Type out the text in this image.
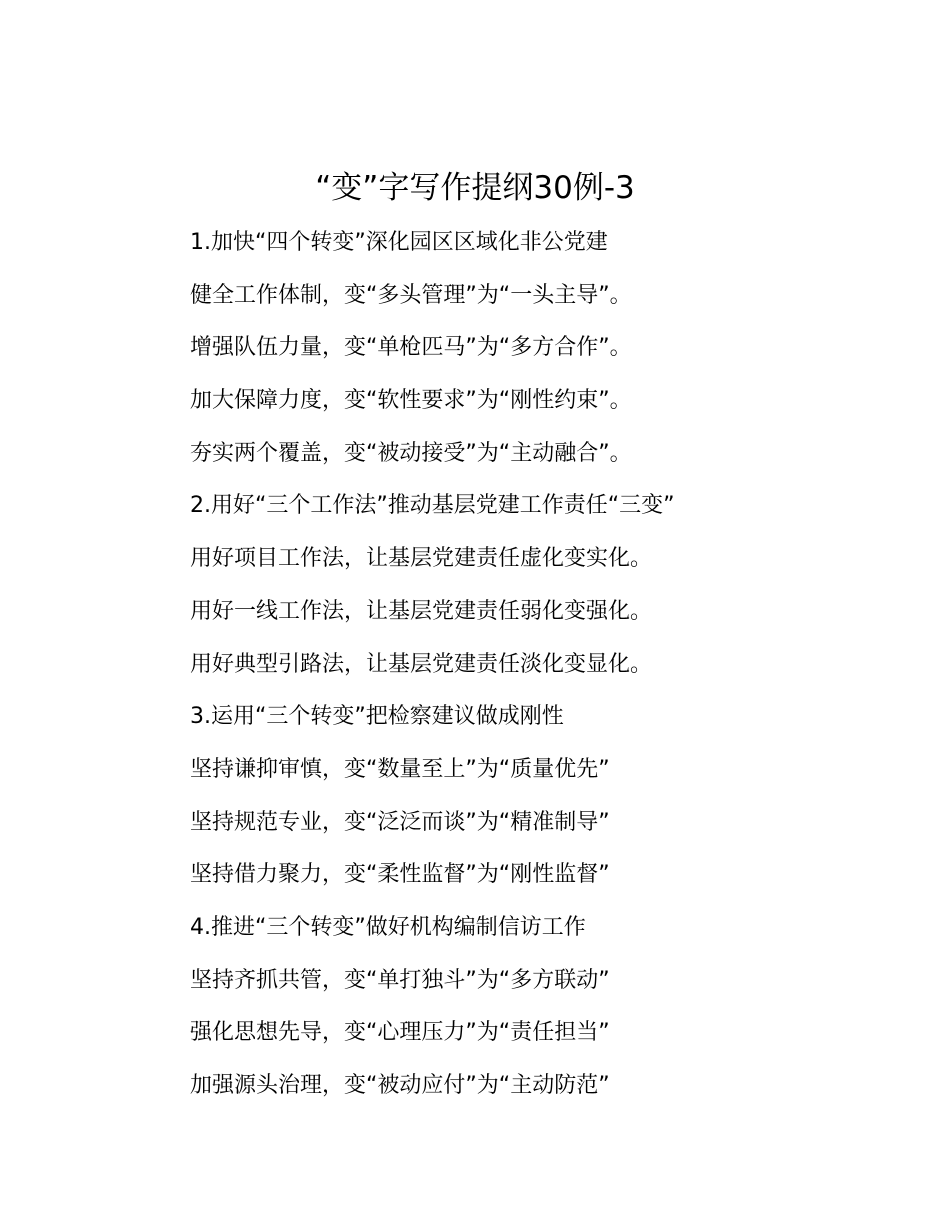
“变”字写作提纲30例-3
1.加快“四个转变”深化园区区域化非公党建
健全工作体制，变“多头管理”为“一头主导”。
增强队伍力量，变“单枪匹马”为“多方合作”。
加大保障力度，变“软性要求”为“刚性约束”。
夯实两个覆盖，变“被动接受”为“主动融合”。
2.用好“三个工作法”推动基层党建工作责任“三变”
用好项目工作法，让基层党建责任虚化变实化。
用好一线工作法，让基层党建责任弱化变强化。
用好典型引路法，让基层党建责任淡化变显化。
3.运用“三个转变”把检察建议做成刚性
坚持谦抑审慎，变“数量至上”为“质量优先”
坚持规范专业，变“泛泛而谈”为“精准制导”
坚持借力聚力，变“柔性监督”为“刚性监督”
4.推进“三个转变”做好机构编制信访工作
坚持齐抓共管，变“单打独斗”为“多方联动”
强化思想先导，变“心理压力”为“责任担当”
加强源头治理，变“被动应付”为“主动防范”
